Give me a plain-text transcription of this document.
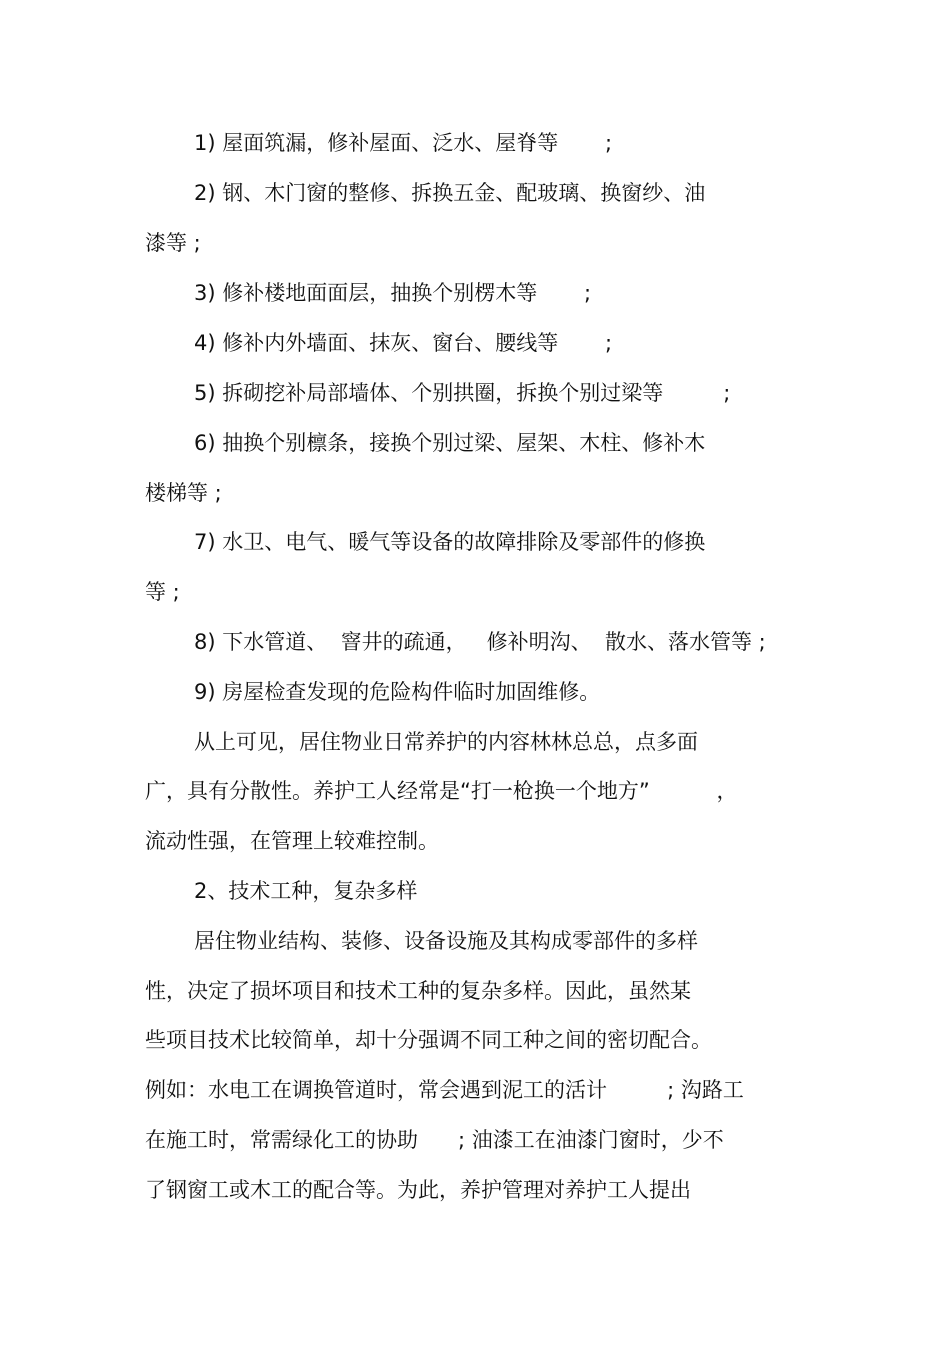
1) 屋面筑漏，修补屋面、泛水、屋脊等       ;
2) 钢、木门窗的整修、拆换五金、配玻璃、换窗纱、油
漆等 ;
3) 修补楼地面面层，抽换个别楞木等       ;
4) 修补内外墙面、抹灰、窗台、腰线等       ;
5) 拆砌挖补局部墙体、个别拱圈，拆换个别过梁等         ;
6) 抽换个别檩条，接换个别过梁、屋架、木柱、修补木
楼梯等 ;
7) 水卫、电气、暖气等设备的故障排除及零部件的修换
等 ;
8) 下水管道、  窨井的疏通，   修补明沟、  散水、落水管等 ;
9) 房屋检查发现的危险构件临时加固维修。
从上可见，居住物业日常养护的内容林林总总，点多面
广，具有分散性。养护工人经常是“打一枪换一个地方”          ，
流动性强，在管理上较难控制。
2、技术工种，复杂多样
居住物业结构、装修、设备设施及其构成零部件的多样
性，决定了损坏项目和技术工种的复杂多样。因此，虽然某
些项目技术比较简单，却十分强调不同工种之间的密切配合。
例如：水电工在调换管道时，常会遇到泥工的活计         ; 沟路工
在施工时，常需绿化工的协助      ; 油漆工在油漆门窗时，少不
了钢窗工或木工的配合等。为此，养护管理对养护工人提出
